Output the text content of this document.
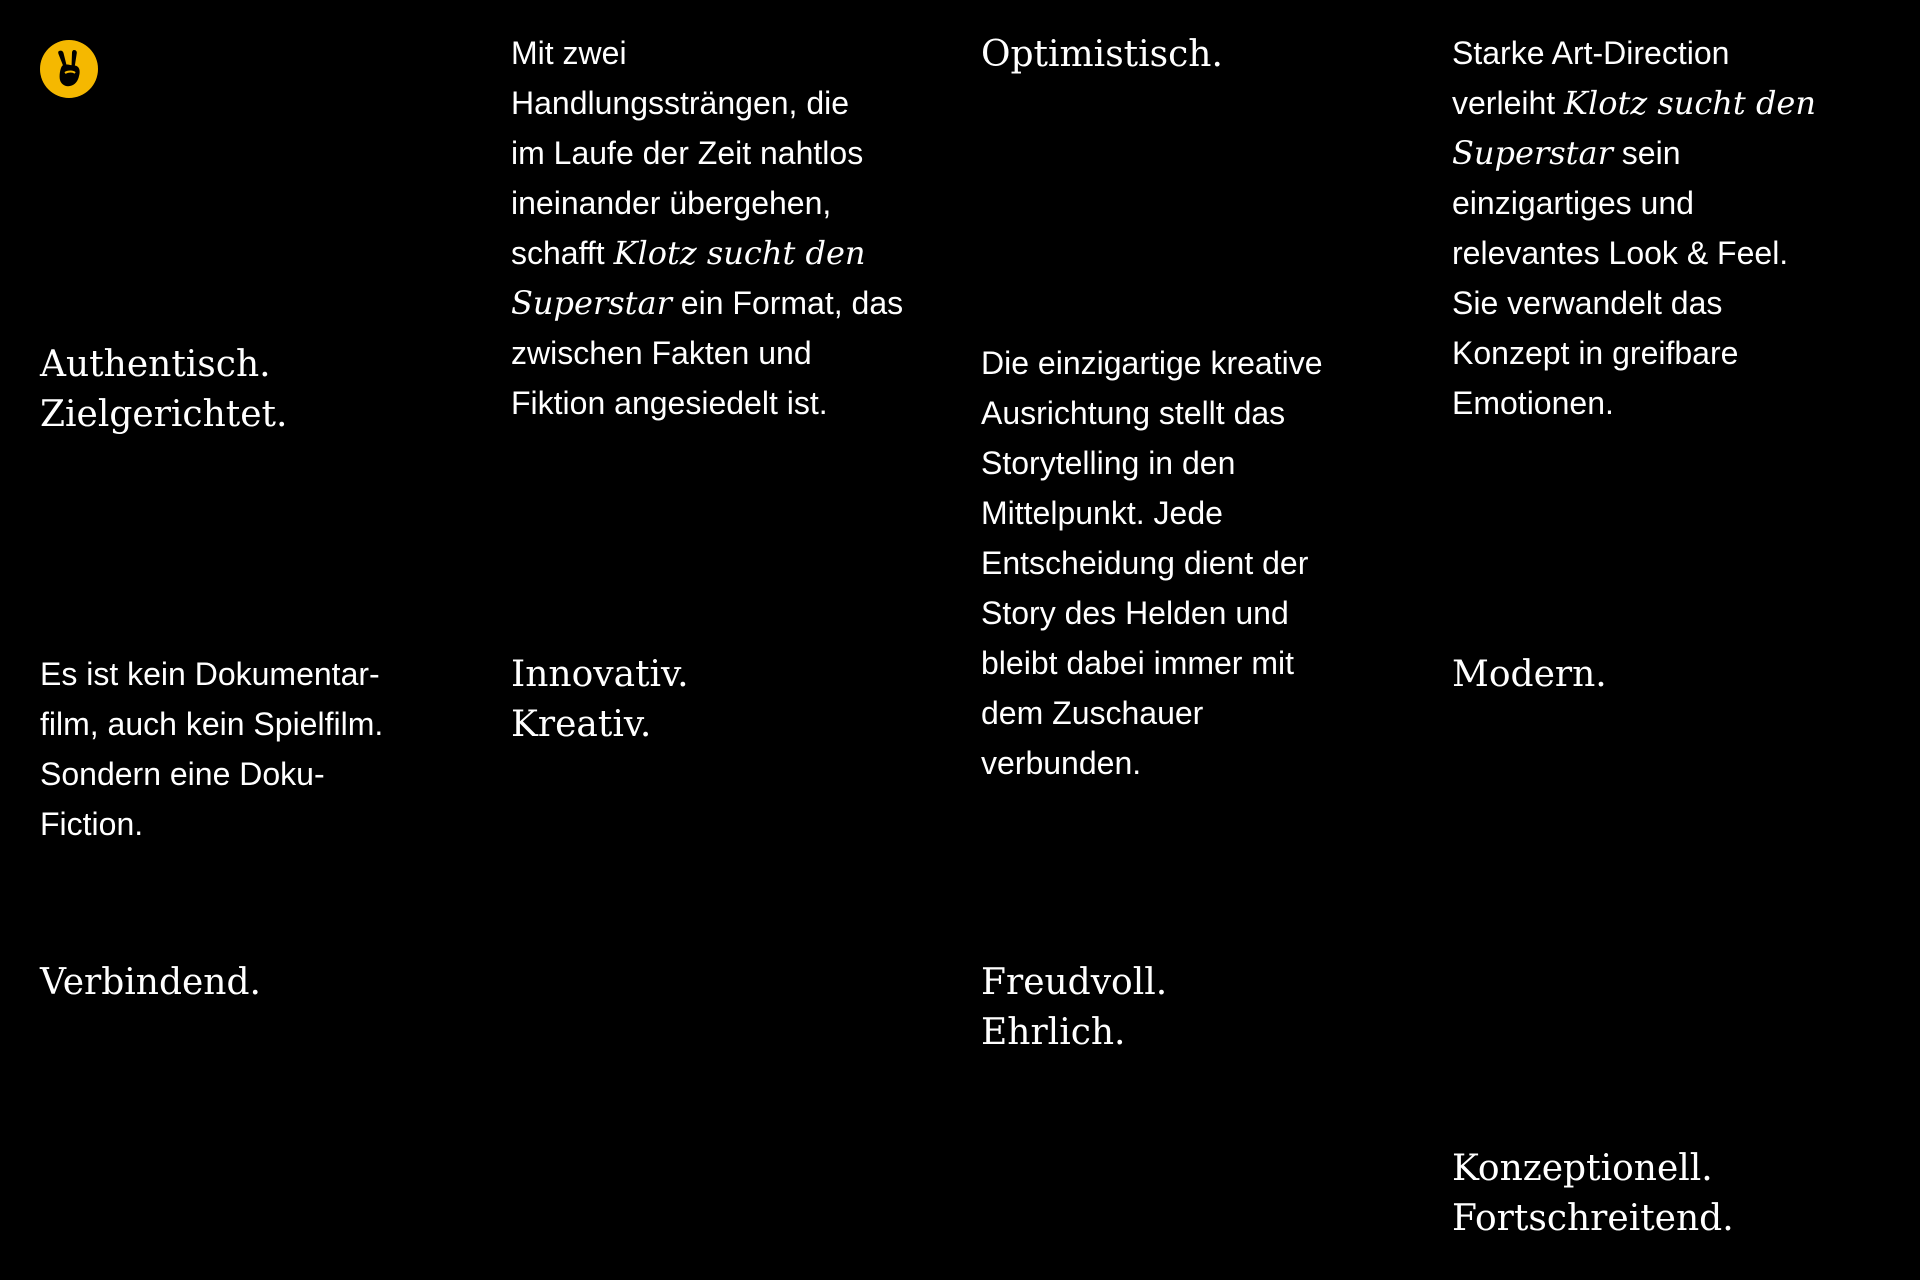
Authentisch.
Zielgerichtet.
Es ist kein Dokumentar-
film, auch kein Spielfilm.
Sondern eine Doku-
Fiction.
Verbindend.
Mit zwei
Handlungssträngen, die
im Laufe der Zeit nahtlos
ineinander übergehen,
schafft Klotz sucht den
Superstar ein Format, das
zwischen Fakten und
Fiktion angesiedelt ist.
Innovativ.
Kreativ.
Optimistisch.
Die einzigartige kreative
Ausrichtung stellt das
Storytelling in den
Mittelpunkt. Jede
Entscheidung dient der
Story des Helden und
bleibt dabei immer mit
dem Zuschauer
verbunden.
Freudvoll.
Ehrlich.
Starke Art-Direction
verleiht Klotz sucht den
Superstar sein
einzigartiges und
relevantes Look & Feel.
Sie verwandelt das
Konzept in greifbare
Emotionen.
Modern.
Konzeptionell.
Fortschreitend.
